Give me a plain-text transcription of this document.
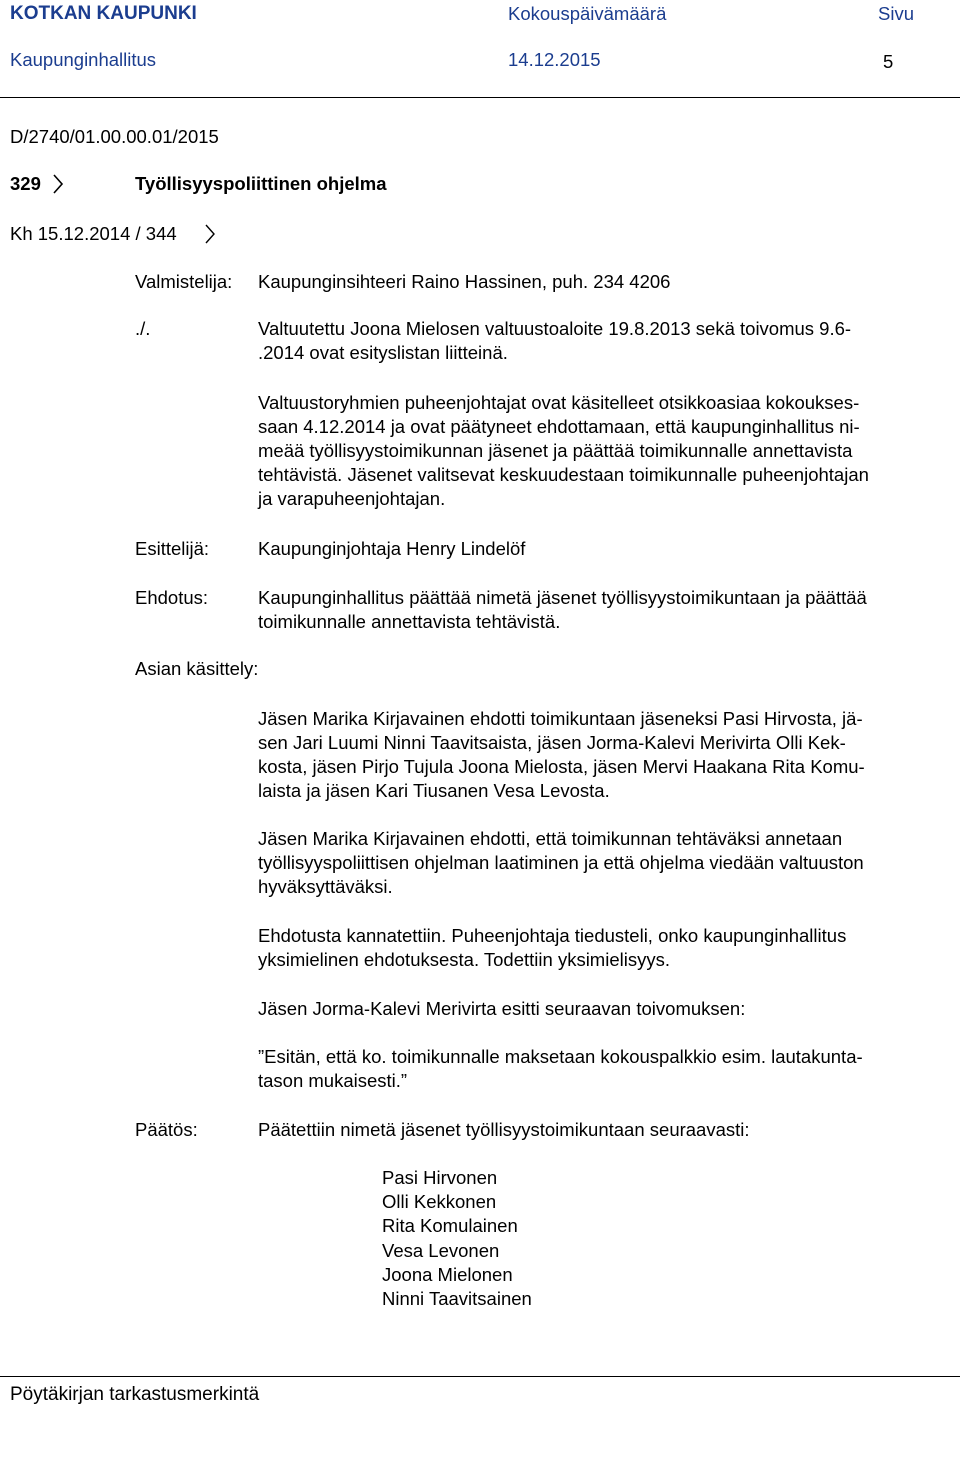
KOTKAN KAUPUNKI	Kokouspäivämäärä	Sivu
Kaupunginhallitus	14.12.2015	5
D/2740/01.00.00.01/2015
329	Työllisyyspoliittinen ohjelma
Kh 15.12.2014 / 344
Valmistelija: Kaupunginsihteeri Raino Hassinen, puh. 234 4206
./.	Valtuutettu Joona Mielosen valtuustoaloite 19.8.2013 sekä toivomus 9.6-
.2014 ovat esityslistan liitteinä.
Valtuustoryhmien puheenjohtajat ovat käsitelleet otsikkoasiaa kokoukses-
saan 4.12.2014 ja ovat päätyneet ehdottamaan, että kaupunginhallitus ni-
meää työllisyystoimikunnan jäsenet ja päättää toimikunnalle annettavista
tehtävistä. Jäsenet valitsevat keskuudestaan toimikunnalle puheenjohtajan
ja varapuheenjohtajan.
Esittelijä:	Kaupunginjohtaja Henry Lindelöf
Ehdotus:	Kaupunginhallitus päättää nimetä jäsenet työllisyystoimikuntaan ja päättää
toimikunnalle annettavista tehtävistä.
Asian käsittely:
Jäsen Marika Kirjavainen ehdotti toimikuntaan jäseneksi Pasi Hirvosta, jä-
sen Jari Luumi Ninni Taavitsaista, jäsen Jorma-Kalevi Merivirta Olli Kek-
kosta, jäsen Pirjo Tujula Joona Mielosta, jäsen Mervi Haakana Rita Komu-
laista ja jäsen Kari Tiusanen Vesa Levosta.
Jäsen Marika Kirjavainen ehdotti, että toimikunnan tehtäväksi annetaan
työllisyyspoliittisen ohjelman laatiminen ja että ohjelma viedään valtuuston
hyväksyttäväksi.
Ehdotusta kannatettiin. Puheenjohtaja tiedusteli, onko kaupunginhallitus
yksimielinen ehdotuksesta. Todettiin yksimielisyys.
Jäsen Jorma-Kalevi Merivirta esitti seuraavan toivomuksen:
”Esitän, että ko. toimikunnalle maksetaan kokouspalkkio esim. lautakunta-
tason mukaisesti.”
Päätös:	Päätettiin nimetä jäsenet työllisyystoimikuntaan seuraavasti:
Pasi Hirvonen
Olli Kekkonen
Rita Komulainen
Vesa Levonen
Joona Mielonen
Ninni Taavitsainen
Pöytäkirjan tarkastusmerkintä
